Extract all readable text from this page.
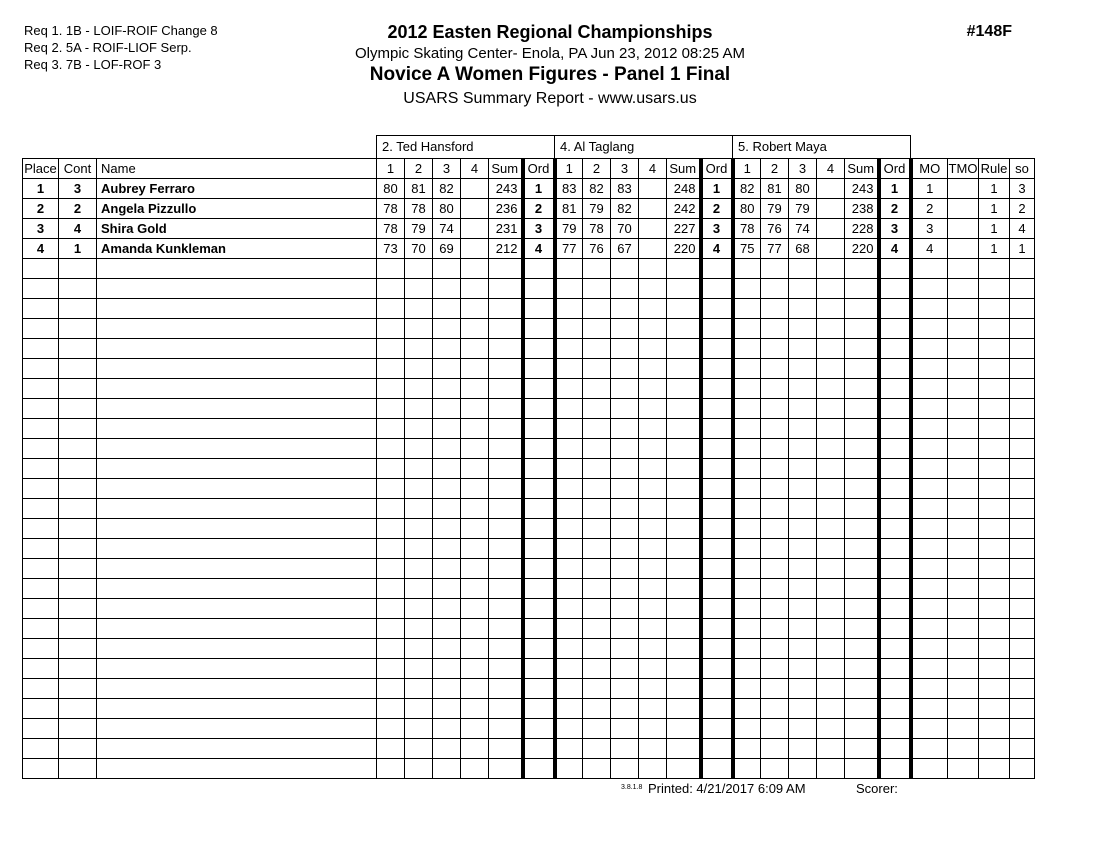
Req 1. 1B - LOIF-ROIF Change 8
Req 2. 5A - ROIF-LIOF Serp.
Req 3. 7B - LOF-ROF 3
2012 Easten Regional Championships
Olympic Skating Center- Enola, PA Jun 23, 2012 08:25 AM
Novice A Women Figures - Panel 1 Final
USARS Summary Report - www.usars.us
#148F
			2. Ted Hansford						4. Al Taglang						5. Robert Maya									
Place	Cont	Name	1	2	3	4	Sum	Ord	1	2	3	4	Sum	Ord	1	2	3	4	Sum	Ord	MO	TMO	Rule	so
1	3	Aubrey Ferraro	80	81	82		243	1	83	82	83		248	1	82	81	80		243	1	1		1	3
2	2	Angela Pizzullo	78	78	80		236	2	81	79	82		242	2	80	79	79		238	2	2		1	2
3	4	Shira Gold	78	79	74		231	3	79	78	70		227	3	78	76	74		228	3	3		1	4
4	1	Amanda Kunkleman	73	70	69		212	4	77	76	67		220	4	75	77	68		220	4	4		1	1

3.8.1.8 Printed: 4/21/2017 6:09 AM	Scorer:
